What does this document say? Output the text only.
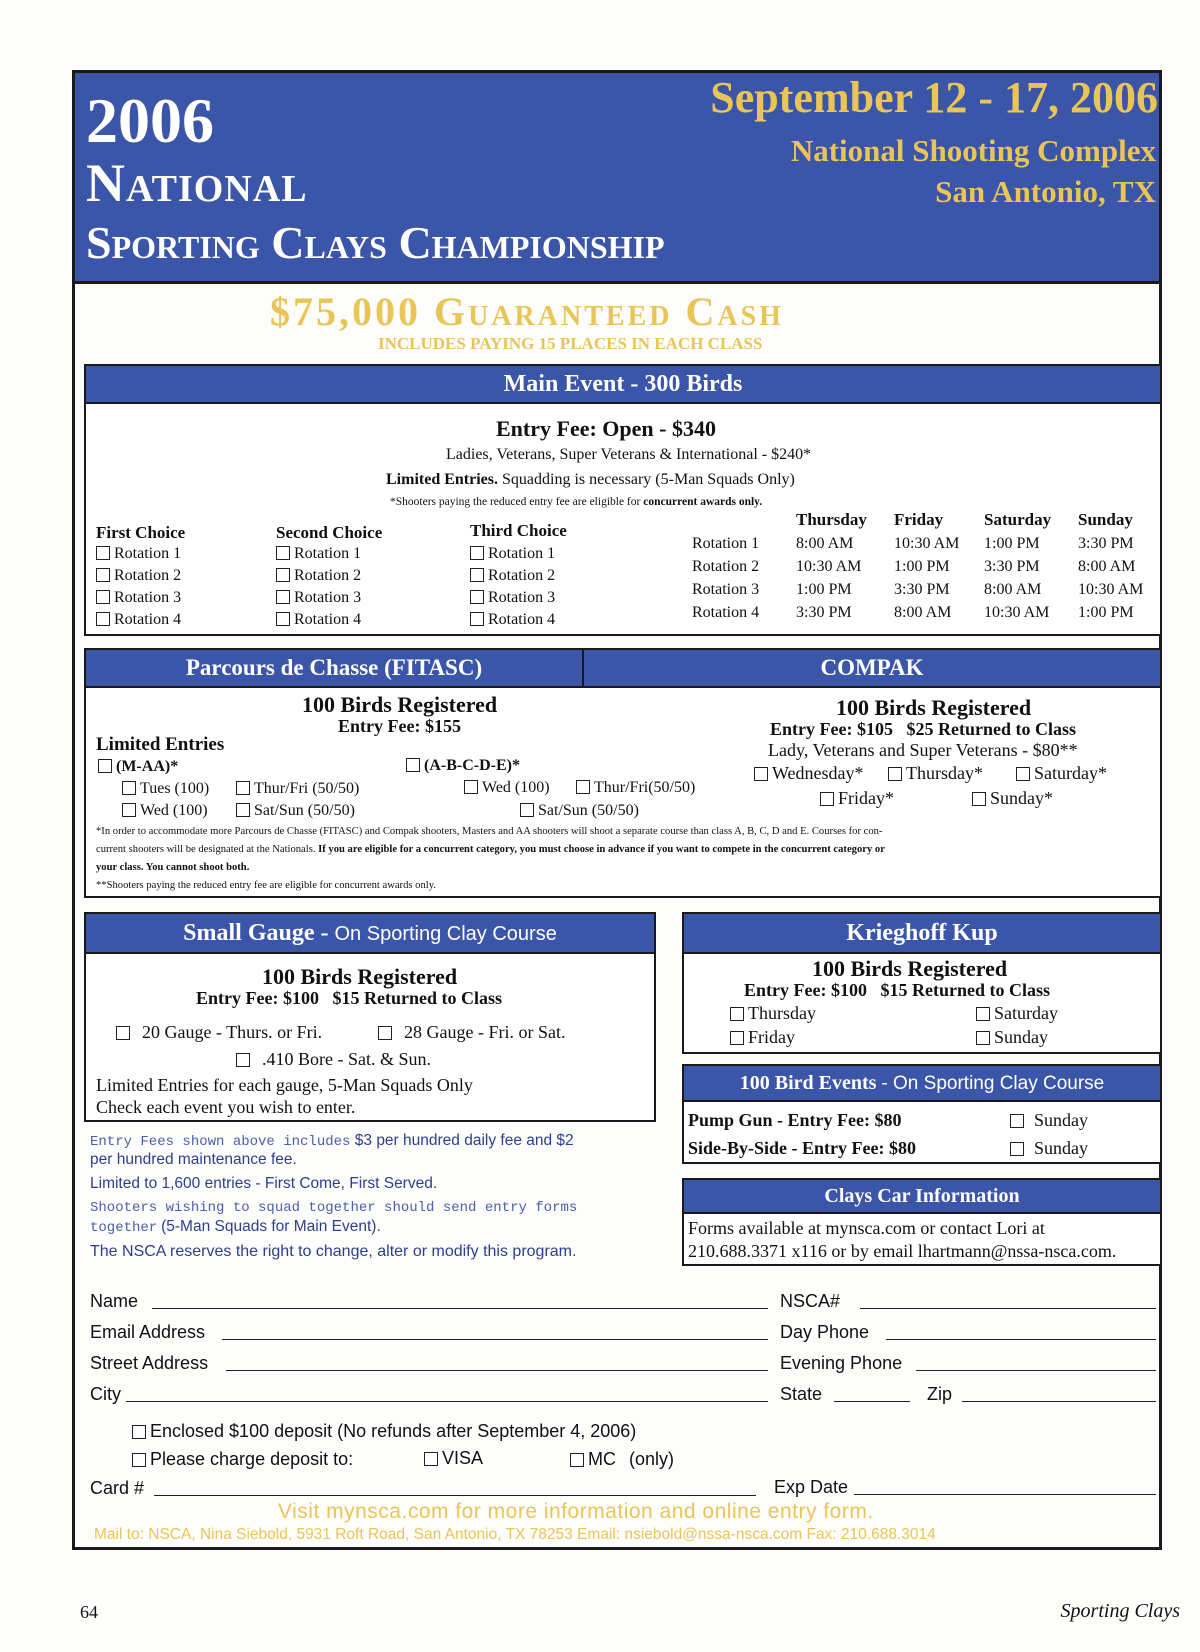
2006
National
Sporting Clays Championship
September 12 - 17, 2006
National Shooting Complex
San Antonio, TX
$75,000 Guaranteed Cash
INCLUDES PAYING 15 PLACES IN EACH CLASS
Main Event - 300 Birds
Entry Fee: Open - $340
Ladies, Veterans, Super Veterans & International - $240*
Limited Entries. Squadding is necessary (5-Man Squads Only)
*Shooters paying the reduced entry fee are eligible for concurrent awards only.
First Choice
Rotation 1
Rotation 2
Rotation 3
Rotation 4
Second Choice
Rotation 1
Rotation 2
Rotation 3
Rotation 4
Third Choice
Rotation 1
Rotation 2
Rotation 3
Rotation 4
Thursday Friday Saturday Sunday
Rotation 1 8:00 AM	10:30 AM 1:00 PM 3:30 PM
Rotation 2 10:30 AM 1:00 PM 3:30 PM 8:00 AM
Rotation 3 1:00 PM	3:30 PM 8:00 AM 10:30 AM
Rotation 4 3:30 PM	8:00 AM 10:30 AM 1:00 PM
Parcours de Chasse (FITASC)	COMPAK
100 Birds Registered
Entry Fee: $155
Limited Entries
(M-AA)*	(A-B-C-D-E)*
Tues (100)	Thur/Fri (50/50)
Wed (100)	Sat/Sun (50/50)
Wed (100)	Thur/Fri(50/50)
Sat/Sun (50/50)
100 Birds Registered
Entry Fee: $105   $25 Returned to Class
Lady, Veterans and Super Veterans - $80**
Wednesday*	Thursday*	Saturday*
Friday*	Sunday*
*In order to accommodate more Parcours de Chasse (FITASC) and Compak shooters, Masters and AA shooters will shoot a separate course than class A, B, C, D and E. Courses for con-
current shooters will be designated at the Nationals. If you are eligible for a concurrent category, you must choose in advance if you want to compete in the concurrent category or
your class. You cannot shoot both.
**Shooters paying the reduced entry fee are eligible for concurrent awards only.
Small Gauge - On Sporting Clay Course
100 Birds Registered
Entry Fee: $100   $15 Returned to Class
20 Gauge - Thurs. or Fri.	28 Gauge - Fri. or Sat.
.410 Bore - Sat. & Sun.
Limited Entries for each gauge, 5-Man Squads Only
Check each event you wish to enter.
Krieghoff Kup
100 Birds Registered
Entry Fee: $100   $15 Returned to Class
Thursday	Saturday
Friday	Sunday
100 Bird Events - On Sporting Clay Course
Pump Gun - Entry Fee: $80
Side-By-Side - Entry Fee: $80
Sunday
Sunday
Clays Car Information
Forms available at mynsca.com or contact Lori at
210.688.3371 x116 or by email lhartmann@nssa-nsca.com.
Entry Fees shown above includes $3 per hundred daily fee and $2
per hundred maintenance fee.
Limited to 1,600 entries - First Come, First Served.
Shooters wishing to squad together should send entry forms
together (5-Man Squads for Main Event).
The NSCA reserves the right to change, alter or modify this program.
Name
Email Address
Street Address
City
NSCA#
Day Phone
Evening Phone
State	Zip
Enclosed $100 deposit (No refunds after September 4, 2006)
Please charge deposit to:	VISA	MC (only)
Card #	Exp Date
Visit mynsca.com for more information and online entry form.
Mail to: NSCA, Nina Siebold, 5931 Roft Road, San Antonio, TX 78253 Email: nsiebold@nssa-nsca.com Fax: 210.688.3014
64	Sporting Clays
